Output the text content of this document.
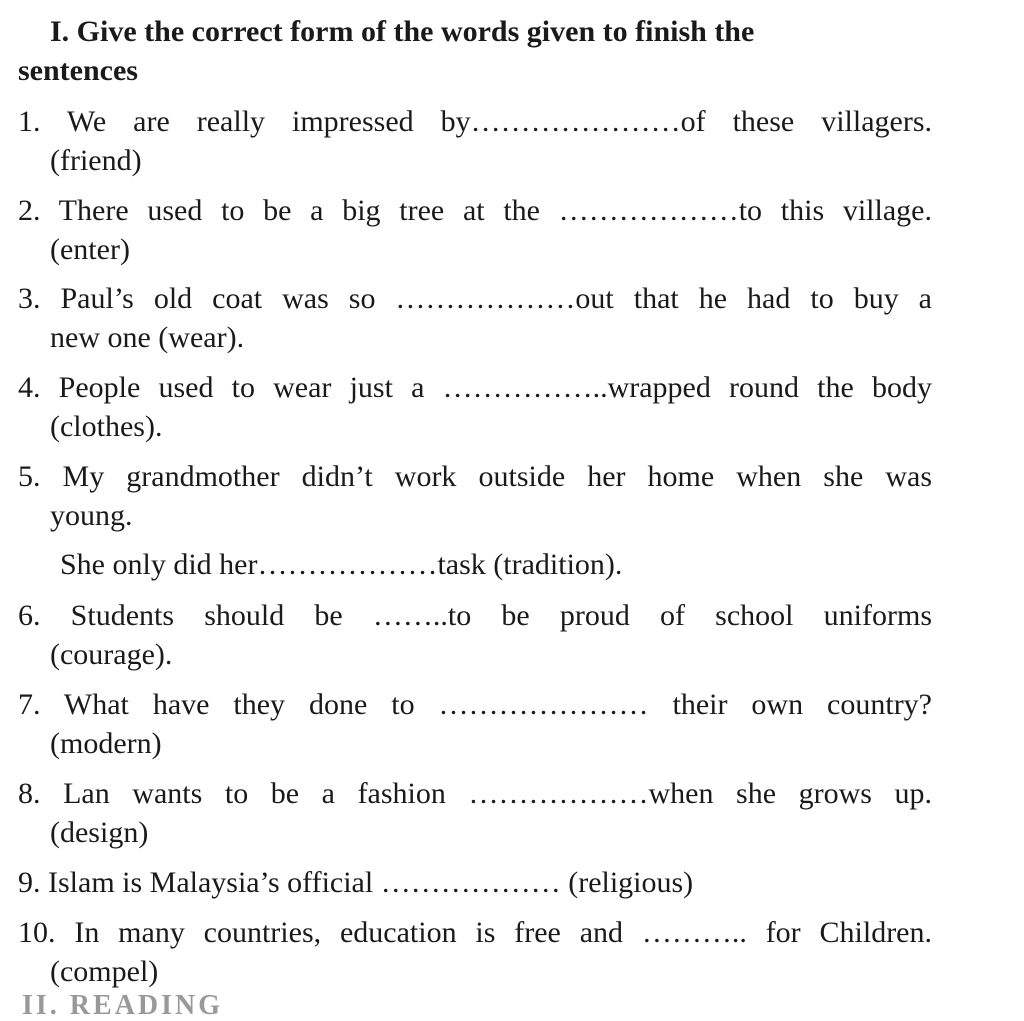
I. Give the correct form of the words given to finish the
sentences
1. We are really impressed by…………………of these villagers.
(friend)
2. There used to be a big tree at the ………………to this village.
(enter)
3. Paul’s old coat was so ………………out that he had to buy a
new one (wear).
4. People used to wear just a ……………..wrapped round the body
(clothes).
5. My grandmother didn’t work outside her home when she was
young.
She only did her………………task (tradition).
6. Students should be ……..to be proud of school uniforms
(courage).
7. What have they done to ………………… their own country?
(modern)
8. Lan wants to be a fashion ………………when she grows up.
(design)
9. Islam is Malaysia’s official ……………… (religious)
10. In many countries, education is free and ……….. for Children.
(compel)
II. READING
